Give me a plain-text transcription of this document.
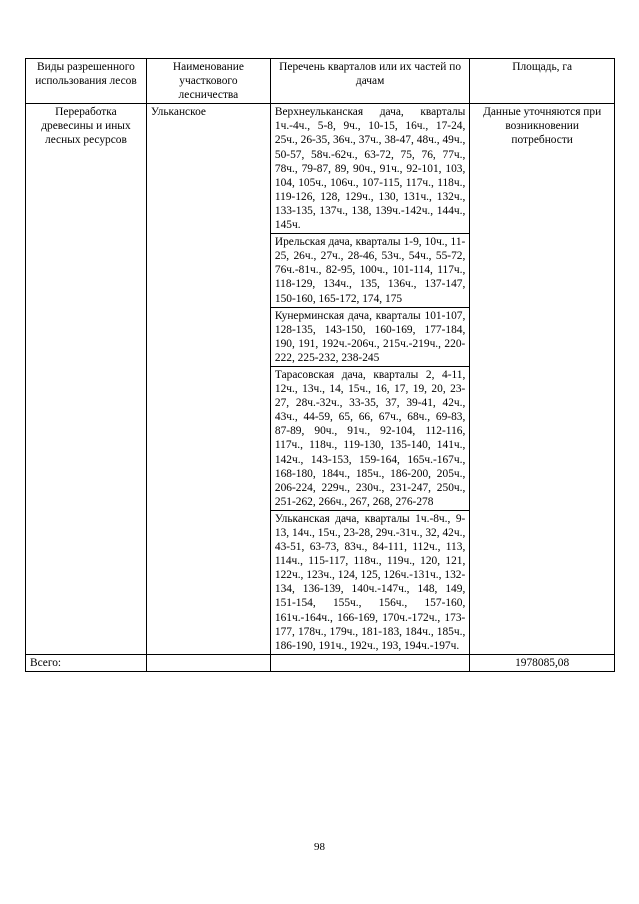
Виды разрешенного использования лесов	Наименование участкового лесничества	Перечень кварталов или их частей по дачам	Площадь, га
Переработка древесины и иных лесных ресурсов	Ульканское	Верхнеульканская дача, кварталы 1ч.-4ч., 5-8, 9ч., 10-15, 16ч., 17-24, 25ч., 26-35, 36ч., 37ч., 38-47, 48ч., 49ч., 50-57, 58ч.-62ч., 63-72, 75, 76, 77ч., 78ч., 79-87, 89, 90ч., 91ч., 92-101, 103, 104, 105ч., 106ч., 107-115, 117ч., 118ч., 119-126, 128, 129ч., 130, 131ч., 132ч., 133-135, 137ч., 138, 139ч.-142ч., 144ч., 145ч.	Данные уточняются при возникновении потребности
		Ирельская дача, кварталы 1-9, 10ч., 11-25, 26ч., 27ч., 28-46, 53ч., 54ч., 55-72, 76ч.-81ч., 82-95, 100ч., 101-114, 117ч., 118-129, 134ч., 135, 136ч., 137-147, 150-160, 165-172, 174, 175	
		Кунерминская дача, кварталы 101-107, 128-135, 143-150, 160-169, 177-184, 190, 191, 192ч.-206ч., 215ч.-219ч., 220-222, 225-232, 238-245	
		Тарасовская дача, кварталы 2, 4-11, 12ч., 13ч., 14, 15ч., 16, 17, 19, 20, 23-27, 28ч.-32ч., 33-35, 37, 39-41, 42ч., 43ч., 44-59, 65, 66, 67ч., 68ч., 69-83, 87-89, 90ч., 91ч., 92-104, 112-116, 117ч., 118ч., 119-130, 135-140, 141ч., 142ч., 143-153, 159-164, 165ч.-167ч., 168-180, 184ч., 185ч., 186-200, 205ч., 206-224, 229ч., 230ч., 231-247, 250ч., 251-262, 266ч., 267, 268, 276-278	
		Ульканская дача, кварталы 1ч.-8ч., 9-13, 14ч., 15ч., 23-28, 29ч.-31ч., 32, 42ч., 43-51, 63-73, 83ч., 84-111, 112ч., 113, 114ч., 115-117, 118ч., 119ч., 120, 121, 122ч., 123ч., 124, 125, 126ч.-131ч., 132-134, 136-139, 140ч.-147ч., 148, 149, 151-154, 155ч., 156ч., 157-160, 161ч.-164ч., 166-169, 170ч.-172ч., 173-177, 178ч., 179ч., 181-183, 184ч., 185ч., 186-190, 191ч., 192ч., 193, 194ч.-197ч.	
Всего:			1978085,08
98
